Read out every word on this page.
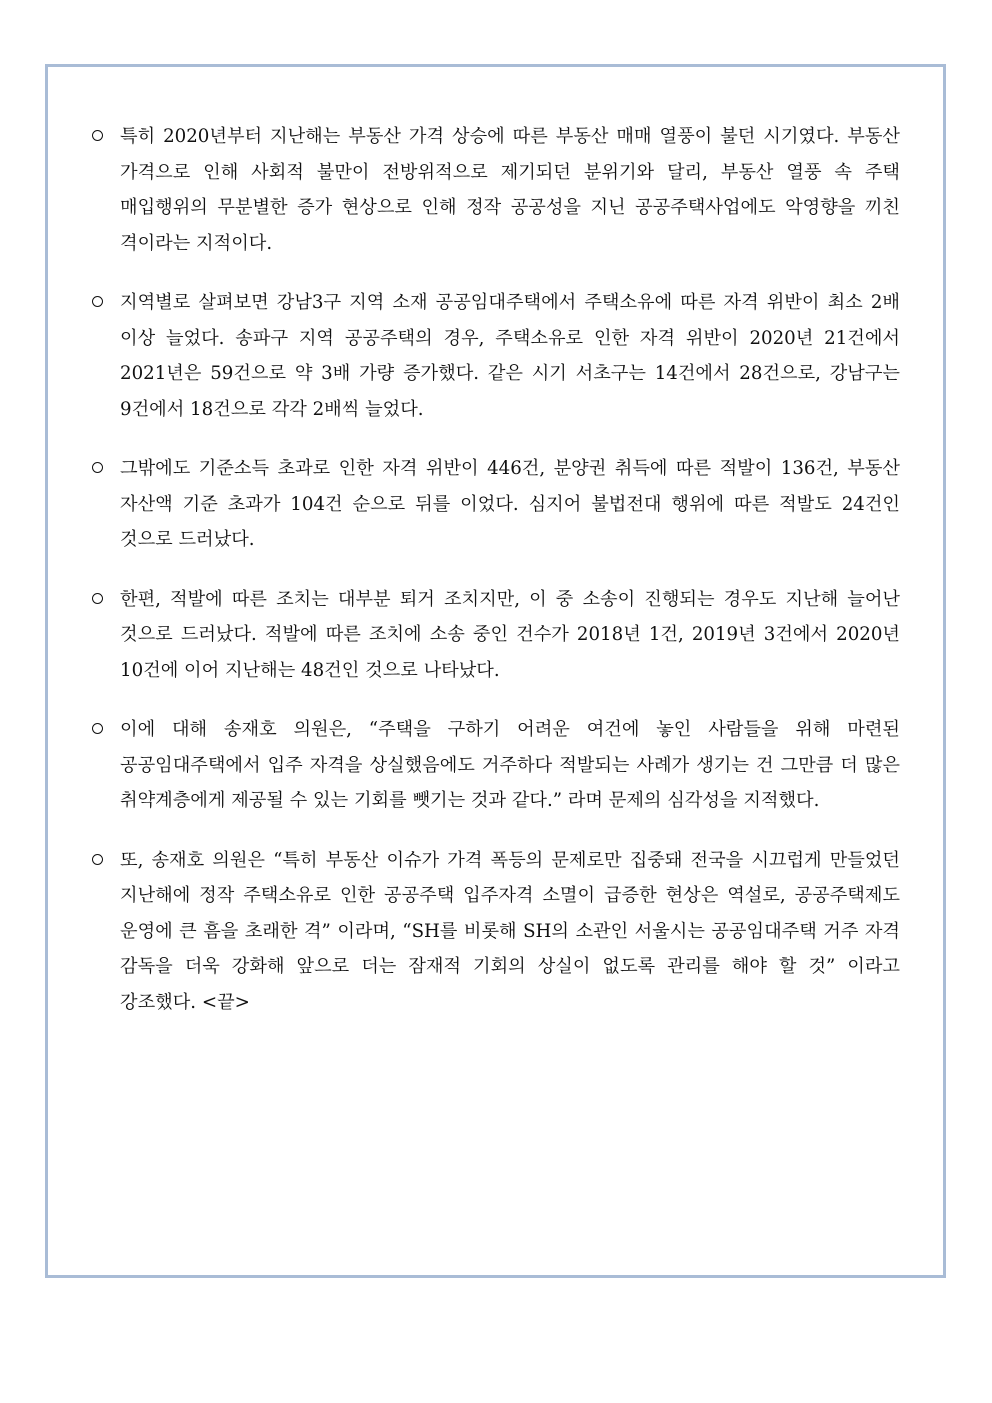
특히 2020년부터 지난해는 부동산 가격 상승에 따른 부동산 매매 열풍이 불던 시기였다. 부동산 가격으로 인해 사회적 불만이 전방위적으로 제기되던 분위기와 달리, 부동산 열풍 속 주택 매입행위의 무분별한 증가 현상으로 인해 정작 공공성을 지닌 공공주택사업에도 악영향을 끼친 격이라는 지적이다.

지역별로 살펴보면 강남3구 지역 소재 공공임대주택에서 주택소유에 따른 자격 위반이 최소 2배 이상 늘었다. 송파구 지역 공공주택의 경우, 주택소유로 인한 자격 위반이 2020년 21건에서 2021년은 59건으로 약 3배 가량 증가했다. 같은 시기 서초구는 14건에서 28건으로, 강남구는 9건에서 18건으로 각각 2배씩 늘었다.

그밖에도 기준소득 초과로 인한 자격 위반이 446건, 분양권 취득에 따른 적발이 136건, 부동산 자산액 기준 초과가 104건 순으로 뒤를 이었다. 심지어 불법전대 행위에 따른 적발도 24건인 것으로 드러났다.

한편, 적발에 따른 조치는 대부분 퇴거 조치지만, 이 중 소송이 진행되는 경우도 지난해 늘어난 것으로 드러났다. 적발에 따른 조치에 소송 중인 건수가 2018년 1건, 2019년 3건에서 2020년 10건에 이어 지난해는 48건인 것으로 나타났다.

이에 대해 송재호 의원은, “주택을 구하기 어려운 여건에 놓인 사람들을 위해 마련된 공공임대주택에서 입주 자격을 상실했음에도 거주하다 적발되는 사례가 생기는 건 그만큼 더 많은 취약계층에게 제공될 수 있는 기회를 뺏기는 것과 같다.” 라며 문제의 심각성을 지적했다.

또, 송재호 의원은 “특히 부동산 이슈가 가격 폭등의 문제로만 집중돼 전국을 시끄럽게 만들었던 지난해에 정작 주택소유로 인한 공공주택 입주자격 소멸이 급증한 현상은 역설로, 공공주택제도 운영에 큰 흠을 초래한 격” 이라며, “SH를 비롯해 SH의 소관인 서울시는 공공임대주택 거주 자격 감독을 더욱 강화해 앞으로 더는 잠재적 기회의 상실이 없도록 관리를 해야 할 것” 이라고 강조했다. <끝>
